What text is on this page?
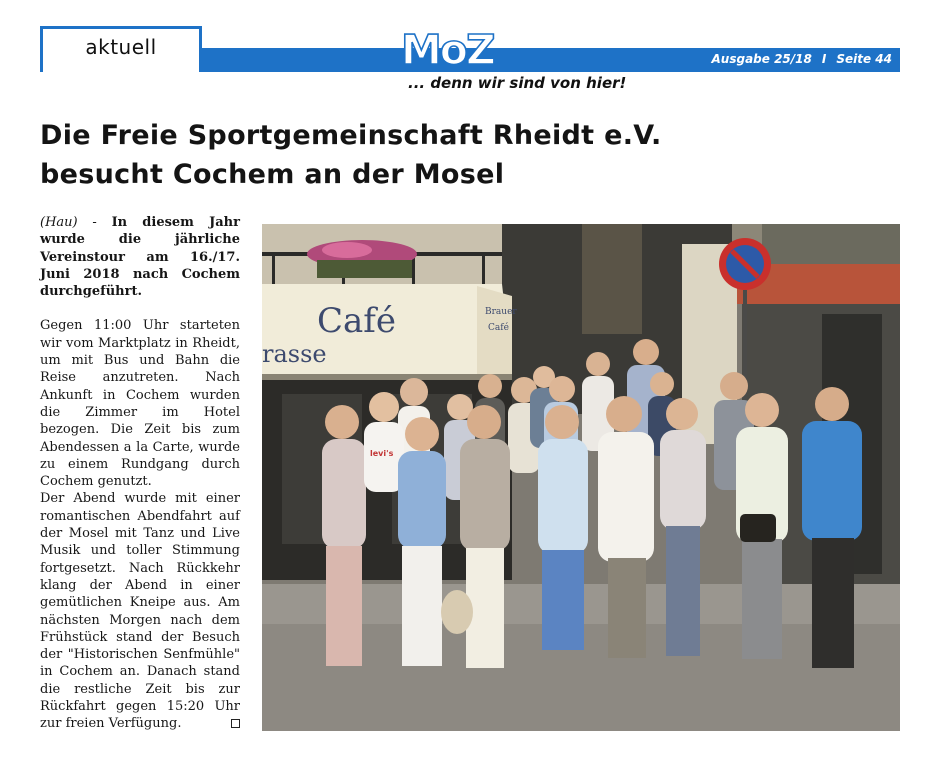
aktuell	MoZ	Ausgabe 25/18 I Seite 44
... denn wir sind von hier!
Die Freie Sportgemeinschaft Rheidt e.V.
besucht Cochem an der Mosel

(Hau) - In diesem Jahr wurde die jährliche Vereinstour am 16./17. Juni 2018 nach Cochem durchgeführt.

Gegen 11:00 Uhr starteten wir vom Marktplatz in Rheidt, um mit Bus und Bahn die Reise anzutreten. Nach Ankunft in Cochem wurden die Zimmer im Hotel bezogen. Die Zeit bis zum Abendessen a la Carte, wurde zu einem Rundgang durch Cochem genutzt.

Der Abend wurde mit einer romantischen Abendfahrt auf der Mosel mit Tanz und Live Musik und toller Stimmung fortgesetzt. Nach Rückkehr klang der Abend in einer gemütlichen Kneipe aus. Am nächsten Morgen nach dem Frühstück stand der Besuch der "Historischen Senfmühle" in Cochem an. Danach stand die restliche Zeit bis zur Rückfahrt gegen 15:20 Uhr zur freien Verfügung.

Café
rasse
Brauer
Café
levi's
